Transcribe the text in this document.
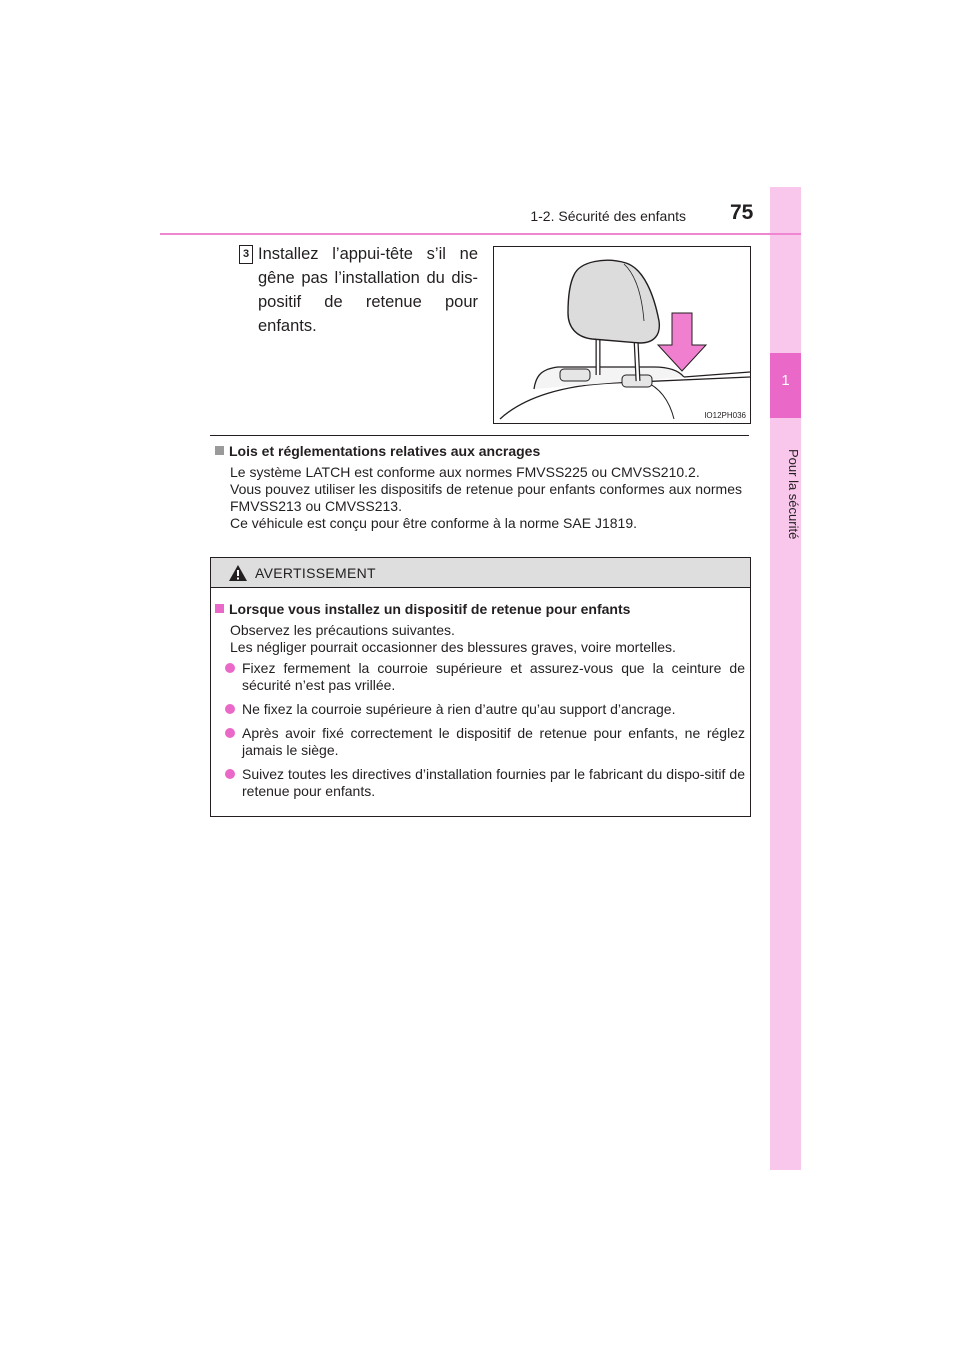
1
Pour la sécurité
1-2. Sécurité des enfants 75
3 Installez l’appui-tête s’il ne gêne pas l’installation du dis-positif de retenue pour enfants.
IO12PH036
Lois et réglementations relatives aux ancrages

Le système LATCH est conforme aux normes FMVSS225 ou CMVSS210.2.

Vous pouvez utiliser les dispositifs de retenue pour enfants conformes aux normes FMVSS213 ou CMVSS213.

Ce véhicule est conçu pour être conforme à la norme SAE J1819.

AVERTISSEMENT
Lorsque vous installez un dispositif de retenue pour enfants

Observez les précautions suivantes.

Les négliger pourrait occasionner des blessures graves, voire mortelles.

Fixez fermement la courroie supérieure et assurez-vous que la ceinture de sécurité n’est pas vrillée.
Ne fixez la courroie supérieure à rien d’autre qu’au support d’ancrage.
Après avoir fixé correctement le dispositif de retenue pour enfants, ne réglez jamais le siège.
Suivez toutes les directives d’installation fournies par le fabricant du dispo-sitif de retenue pour enfants.
